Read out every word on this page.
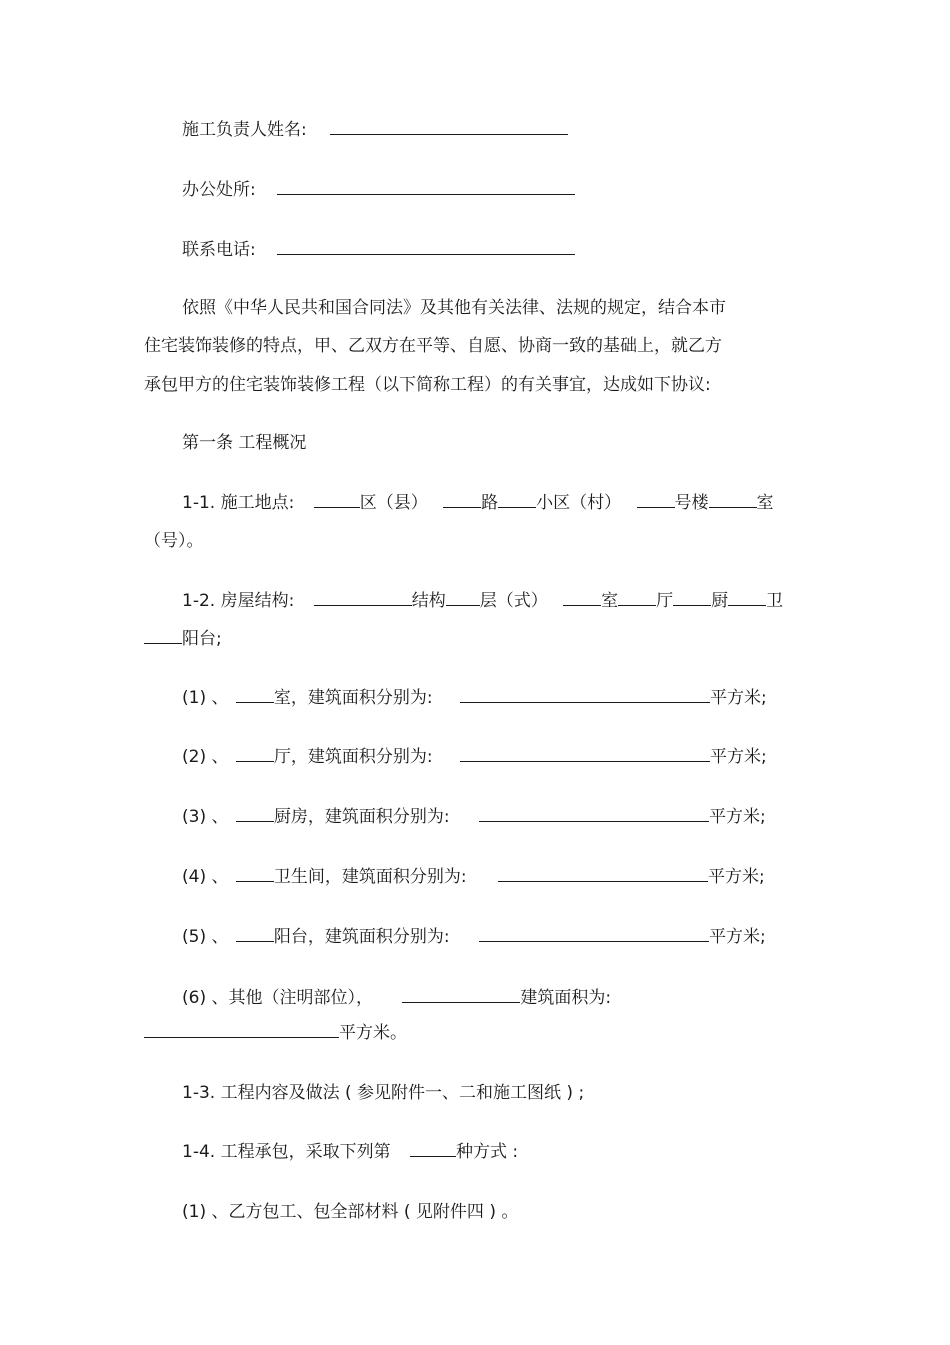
施工负责人姓名:
办公处所:
联系电话:
依照《中华人民共和国合同法》及其他有关法律、法规的规定，结合本市
住宅装饰装修的特点，甲、乙双方在平等、自愿、协商一致的基础上，就乙方
承包甲方的住宅装饰装修工程（以下简称工程）的有关事宜，达成如下协议:
第一条 工程概况
1-1. 施工地点:	区（县）	路 小区（村）	号楼	室
（号）。
1-2. 房屋结构:	结构 层（式）	室 厅 厨 卫
阳台;
(1) 、	室，建筑面积分别为:	平方米;
(2) 、	厅，建筑面积分别为:	平方米;
(3) 、	厨房，建筑面积分别为:	平方米;
(4) 、	卫生间，建筑面积分别为:	平方米;
(5) 、	阳台，建筑面积分别为:	平方米;
(6) 、其他（注明部位），	建筑面积为:
平方米。
1-3. 工程内容及做法 ( 参见附件一、二和施工图纸 ) ;
1-4. 工程承包，采取下列第	种方式 :
(1) 、乙方包工、包全部材料 ( 见附件四 ) 。
